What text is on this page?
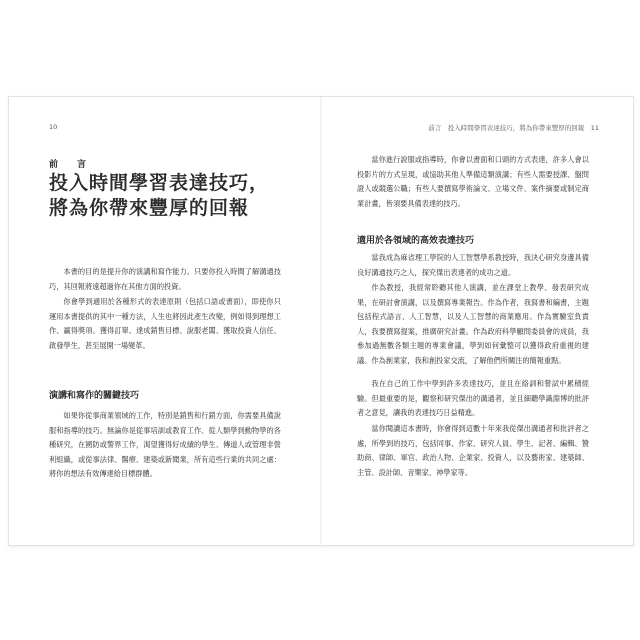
10
前　言
投入時間學習表達技巧，
將為你帶來豐厚的回報

本書的目的是提升你的演講和寫作能力。只要你投入時間了解溝通技巧，其回報將遠超過你在其他方面的投資。

你會學到適用於各種形式的表達原則（包括口語或書面），即使你只運用本書提供的其中一種方法，人生也將因此產生改變，例如得到理想工作、贏得獎項、獲得訂單、達成銷售目標、說服老闆、獲取投資人信任、啟發學生，甚至展開一場變革。

演講和寫作的關鍵技巧

如果你從事商業領域的工作，特別是銷售和行銷方面，你需要具備說服和指導的技巧。無論你是從事培訓或教育工作、從人類學到動物學的各種研究，在國防或警界工作，渴望獲得好成績的學生、傳道人或管理非營利組織，或從事法律、醫療、建築或新聞業，所有這些行業的共同之處：將你的想法有效傳達給目標群體。

前言　投入時間學習表達技巧，將為你帶來豐厚的回報　11

當你進行說服或指導時，你會以書面和口頭的方式表達，許多人會以投影片的方式呈現，或協助其他人準備這類演講；有些人需要授課、盤問證人或競選公職；有些人要撰寫學術論文、立場文件、案件摘要或制定商業計畫，皆須要具備表達的技巧。

適用於各領域的高效表達技巧

當我成為麻省理工學院的人工智慧學系教授時，我決心研究身邊具備良好溝通技巧之人，探究傑出表達者的成功之道。

作為教授，我經常聆聽其他人演講，並在課堂上教學、發表研究成果，在研討會演講，以及撰寫專業報告。作為作者，我寫書和編書，主題包括程式語言、人工智慧，以及人工智慧的商業應用。作為實驗室負責人，我要撰寫提案，推廣研究計畫。作為政府科學顧問委員會的成員，我參加過無數各類主題的專業會議，學到如何彙整可以獲得政府重視的建議。作為創業家，我和創投家交流，了解他們所關注的簡報重點。

我在自己的工作中學到許多表達技巧，並且在絡訓和嘗試中累積經驗。但最重要的是，觀察和研究傑出的溝通者，並且細聽學識淵博的批評者之意見，讓我的表達技巧日益精進。

當你閱讀這本書時，你會得到這數十年來我從傑出溝通者和批評者之處，所學到的技巧，包括同事、作家、研究人員、學生、記者、編輯、贊助商、律師、軍官、政治人物、企業家、投資人，以及藝術家、建築師、主管、設計師、音樂家、神學家等。
